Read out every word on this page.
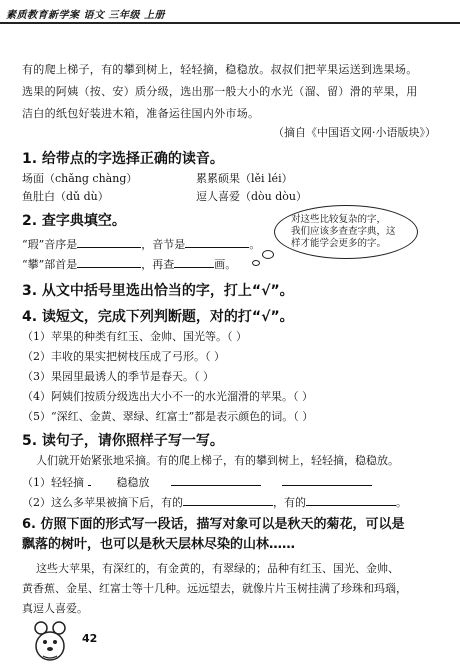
素质教育新学案 语文 三年级 上册
有的爬上梯子，有的攀到树上，轻轻摘，稳稳放。叔叔们把苹果运送到选果场。
选果的阿姨（按、安）质分级，选出那一般大小的水光（溜、留）滑的苹果，用
洁白的纸包好装进木箱，准备运往国内外市场。
（摘自《中国语文网·小语版块》）
1. 给带点的字选择正确的读音。
场面（chǎng chàng）	累累硕果（lěi léi）
鱼肚白（dǔ dù）	逗人喜爱（dòu dòu）
2. 查字典填空。
“瑕”音序是	，音节是	。
“攀”部首是	，再查	画。
对这些比较复杂的字，
我们应该多查查字典，这
样才能学会更多的字。
3. 从文中括号里选出恰当的字，打上“√”。
4. 读短文，完成下列判断题，对的打“√”。
（1）苹果的种类有红玉、金帅、国光等。（ ）
（2）丰收的果实把树枝压成了弓形。（ ）
（3）果园里最诱人的季节是春天。（ ）
（4）阿姨们按质分级选出大小不一的水光溜滑的苹果。（ ）
（5）“深红、金黄、翠绿、红富士”都是表示颜色的词。（ ）
5. 读句子，请你照样子写一写。
人们就开始紧张地采摘。有的爬上梯子，有的攀到树上，轻轻摘，稳稳放。
（1）轻轻摘	稳稳放
（2）这么多苹果被摘下后，有的	，有的	。
6. 仿照下面的形式写一段话，描写对象可以是秋天的菊花，可以是
飘落的树叶，也可以是秋天层林尽染的山林……
这些大苹果，有深红的，有金黄的，有翠绿的；品种有红玉、国光、金帅、
黄香蕉、金星、红富士等十几种。远远望去，就像片片玉树挂满了珍珠和玛瑙，
真逗人喜爱。
42
